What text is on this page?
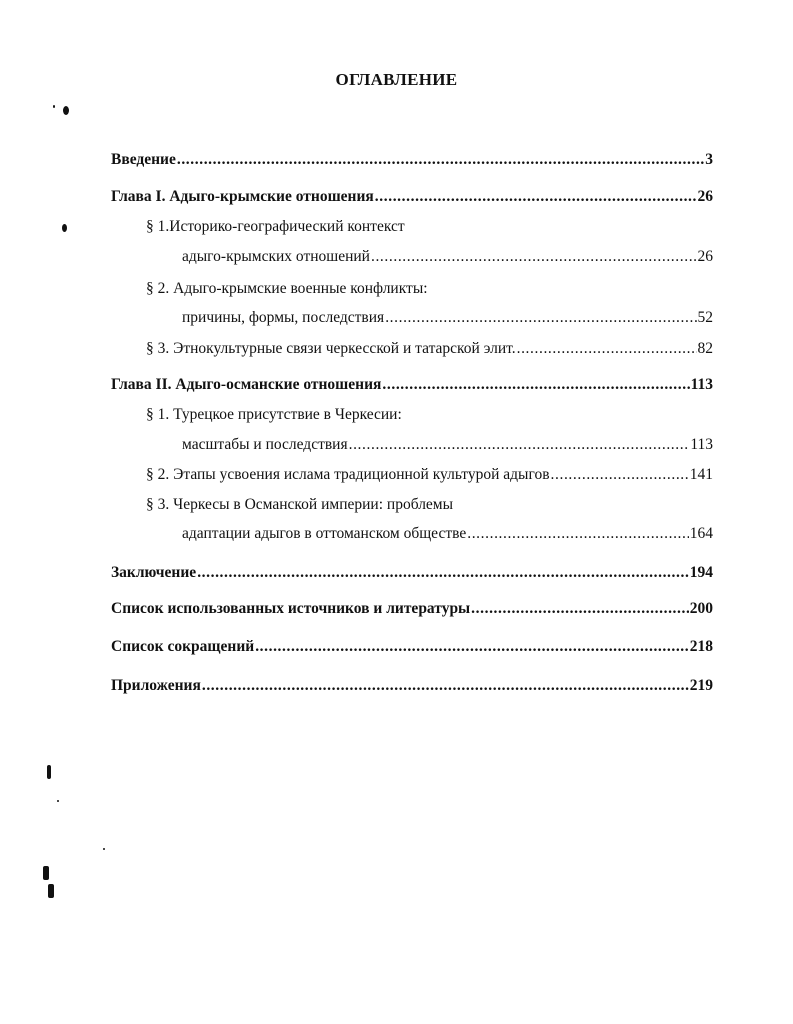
ОГЛАВЛЕНИЕ
Введение .....	3
Глава I. Адыго-крымские отношения .....	26
§ 1.Историко-географический контекст
адыго-крымских отношений .....	26
§ 2. Адыго-крымские военные конфликты:
причины, формы, последствия .....	52
§ 3. Этнокультурные связи черкесской и татарской элит. .....	82
Глава II. Адыго-османские отношения .....	113
§ 1. Турецкое присутствие в Черкесии:
масштабы и последствия .....	113
§ 2. Этапы усвоения ислама традиционной культурой адыгов .....	141
§ 3. Черкесы в Османской империи: проблемы
адаптации адыгов в оттоманском обществе .....	164
Заключение .....	194
Список использованных источников и литературы .....	200
Список сокращений .....	218
Приложения .....	219
